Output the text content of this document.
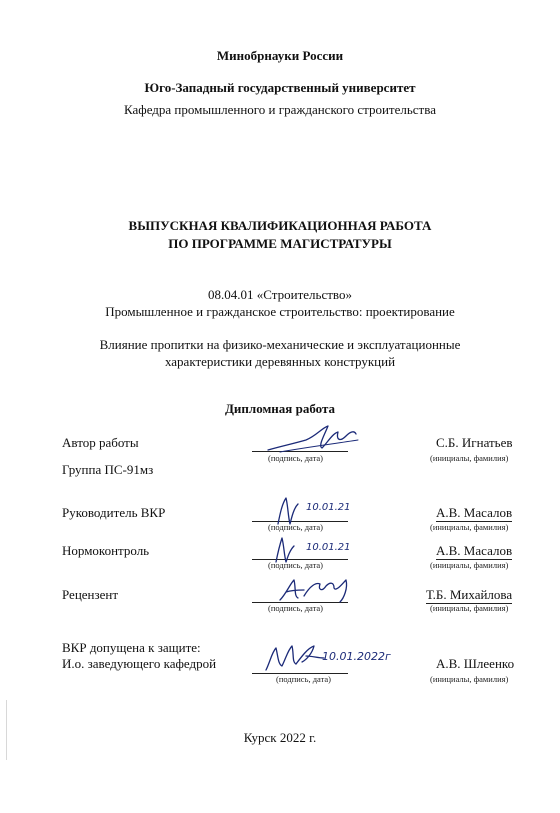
Минобрнауки России
Юго-Западный государственный университет
Кафедра промышленного и гражданского строительства
ВЫПУСКНАЯ КВАЛИФИКАЦИОННАЯ РАБОТА
ПО ПРОГРАММЕ МАГИСТРАТУРЫ
08.04.01 «Строительство»
Промышленное и гражданское строительство: проектирование
Влияние пропитки на физико-механические и эксплуатационные
характеристики деревянных конструкций
Дипломная работа
Автор работы
(подпись, дата)
С.Б. Игнатьев
(инициалы, фамилия)
Группа ПС-91мз
Руководитель ВКР
(подпись, дата)
А.В. Масалов
(инициалы, фамилия)
10.01.21
Нормоконтроль
(подпись, дата)
А.В. Масалов
(инициалы, фамилия)
10.01.21
Рецензент
(подпись, дата)
Т.Б. Михайлова
(инициалы, фамилия)
ВКР допущена к защите:
И.о. заведующего кафедрой
(подпись, дата)
А.В. Шлеенко
(инициалы, фамилия)
10.01.2022г
Курск 2022 г.
